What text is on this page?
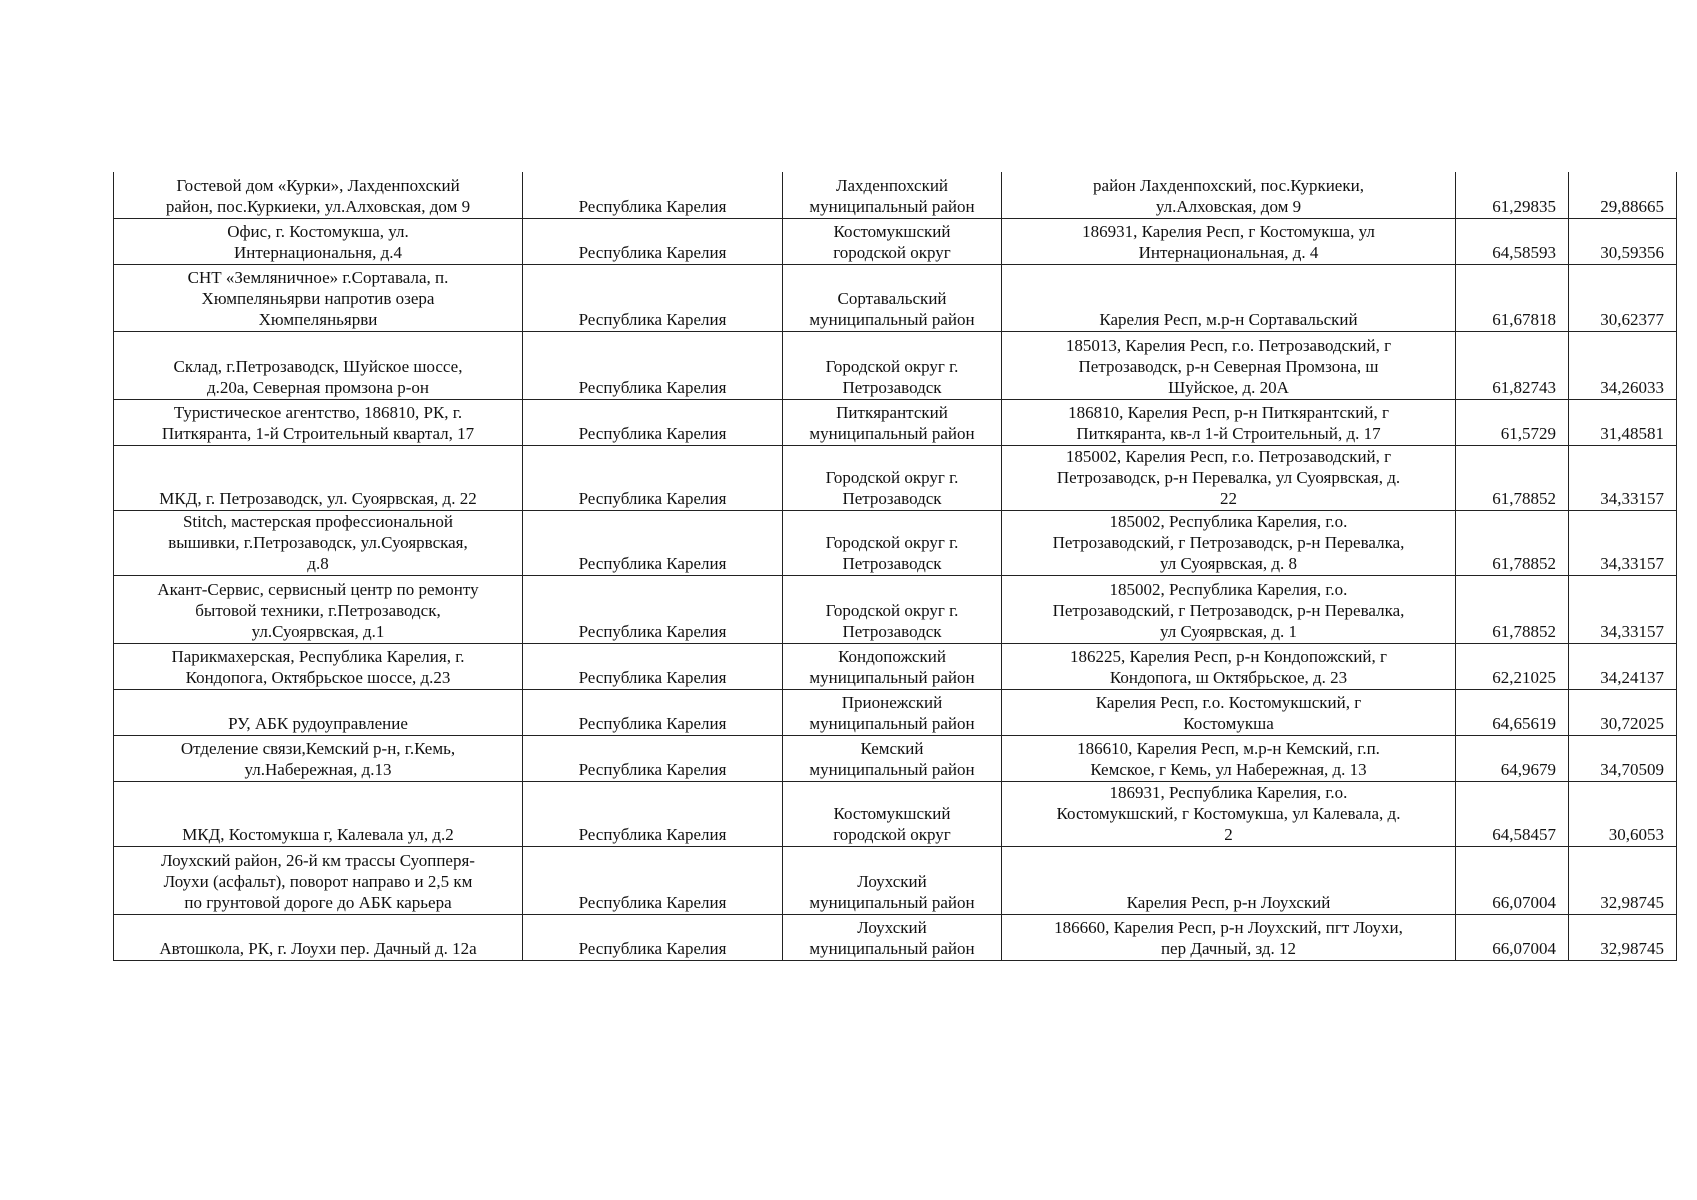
Гостевой дом «Курки», Лахденпохский
район, пос.Куркиеки, ул.Алховская, дом 9	Республика Карелия	Лахденпохский
муниципальный район	район Лахденпохский, пос.Куркиеки,
ул.Алховская, дом 9	61,29835	29,88665
Офис, г. Костомукша, ул.
Интернациональня, д.4	Республика Карелия	Костомукшский
городской округ	186931, Карелия Респ, г Костомукша, ул
Интернациональная, д. 4	64,58593	30,59356
СНТ «Земляничное» г.Сортавала, п.
Хюмпеляньярви напротив озера
Хюмпеляньярви	Республика Карелия	Сортавальский
муниципальный район	Карелия Респ, м.р-н Сортавальский	61,67818	30,62377
Склад, г.Петрозаводск, Шуйское шоссе,
д.20а, Северная промзона р-он	Республика Карелия	Городской округ г.
Петрозаводск	185013, Карелия Респ, г.о. Петрозаводский, г
Петрозаводск, р-н Северная Промзона, ш
Шуйское, д. 20А	61,82743	34,26033
Туристическое агентство, 186810, РК, г.
Питкяранта, 1-й Строительный квартал, 17	Республика Карелия	Питкярантский
муниципальный район	186810, Карелия Респ, р-н Питкярантский, г
Питкяранта, кв-л 1-й Строительный, д. 17	61,5729	31,48581
МКД, г. Петрозаводск, ул. Суоярвская, д. 22	Республика Карелия	Городской округ г.
Петрозаводск	185002, Карелия Респ, г.о. Петрозаводский, г
Петрозаводск, р-н Перевалка, ул Суоярвская, д.
22	61,78852	34,33157
Stitch, мастерская профессиональной
вышивки, г.Петрозаводск, ул.Суоярвская,
д.8	Республика Карелия	Городской округ г.
Петрозаводск	185002, Республика Карелия, г.о.
Петрозаводский, г Петрозаводск, р-н Перевалка,
ул Суоярвская, д. 8	61,78852	34,33157
Акант-Сервис, сервисный центр по ремонту
бытовой техники, г.Петрозаводск,
ул.Суоярвская, д.1	Республика Карелия	Городской округ г.
Петрозаводск	185002, Республика Карелия, г.о.
Петрозаводский, г Петрозаводск, р-н Перевалка,
ул Суоярвская, д. 1	61,78852	34,33157
Парикмахерская, Республика Карелия, г.
Кондопога, Октябрьское шоссе, д.23	Республика Карелия	Кондопожский
муниципальный район	186225, Карелия Респ, р-н Кондопожский, г
Кондопога, ш Октябрьское, д. 23	62,21025	34,24137
РУ, АБК рудоуправление	Республика Карелия	Прионежский
муниципальный район	Карелия Респ, г.о. Костомукшский, г
Костомукша	64,65619	30,72025
Отделение связи,Кемский р-н, г.Кемь,
ул.Набережная, д.13	Республика Карелия	Кемский
муниципальный район	186610, Карелия Респ, м.р-н Кемский, г.п.
Кемское, г Кемь, ул Набережная, д. 13	64,9679	34,70509
МКД, Костомукша г, Калевала ул, д.2	Республика Карелия	Костомукшский
городской округ	186931, Республика Карелия, г.о.
Костомукшский, г Костомукша, ул Калевала, д.
2	64,58457	30,6053
Лоухский район, 26-й км трассы Суопперя-
Лоухи (асфальт), поворот направо и 2,5 км
по грунтовой дороге до АБК карьера	Республика Карелия	Лоухский
муниципальный район	Карелия Респ, р-н Лоухский	66,07004	32,98745
Автошкола, РК, г. Лоухи пер. Дачный д. 12а	Республика Карелия	Лоухский
муниципальный район	186660, Карелия Респ, р-н Лоухский, пгт Лоухи,
пер Дачный, зд. 12	66,07004	32,98745
